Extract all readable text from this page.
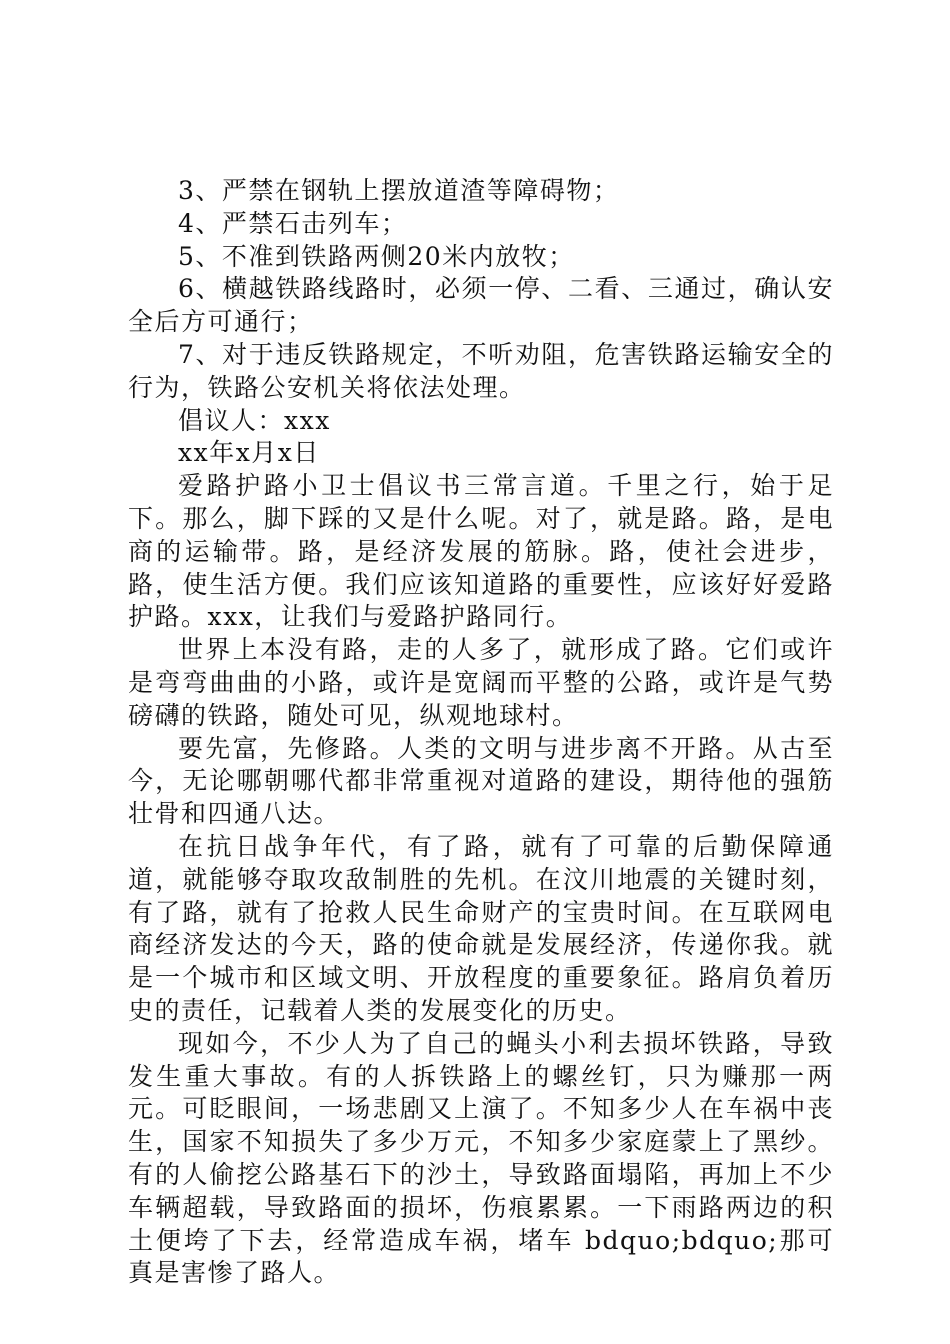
3、严禁在钢轨上摆放道渣等障碍物；

4、严禁石击列车；

5、不准到铁路两侧20米内放牧；

6、横越铁路线路时，必须一停、二看、三通过，确认安全后方可通行；

7、对于违反铁路规定，不听劝阻，危害铁路运输安全的行为，铁路公安机关将依法处理。

倡议人：xxx

xx年x月x日

爱路护路小卫士倡议书三常言道。千里之行，始于足下。那么，脚下踩的又是什么呢。对了，就是路。路，是电商的运输带。路，是经济发展的筋脉。路，使社会进步，路，使生活方便。我们应该知道路的重要性，应该好好爱路护路。xxx，让我们与爱路护路同行。

世界上本没有路，走的人多了，就形成了路。它们或许是弯弯曲曲的小路，或许是宽阔而平整的公路，或许是气势磅礴的铁路，随处可见，纵观地球村。

要先富，先修路。人类的文明与进步离不开路。从古至今，无论哪朝哪代都非常重视对道路的建设，期待他的强筋壮骨和四通八达。

在抗日战争年代，有了路，就有了可靠的后勤保障通道，就能够夺取攻敌制胜的先机。在汶川地震的关键时刻，有了路，就有了抢救人民生命财产的宝贵时间。在互联网电商经济发达的今天，路的使命就是发展经济，传递你我。就是一个城市和区域文明、开放程度的重要象征。路肩负着历史的责任，记载着人类的发展变化的历史。

现如今，不少人为了自己的蝇头小利去损坏铁路，导致发生重大事故。有的人拆铁路上的螺丝钉，只为赚那一两元。可眨眼间，一场悲剧又上演了。不知多少人在车祸中丧生，国家不知损失了多少万元，不知多少家庭蒙上了黑纱。有的人偷挖公路基石下的沙土，导致路面塌陷，再加上不少车辆超载，导致路面的损坏，伤痕累累。一下雨路两边的积土便垮了下去，经常造成车祸，堵车 bdquo;bdquo;那可真是害惨了路人。
